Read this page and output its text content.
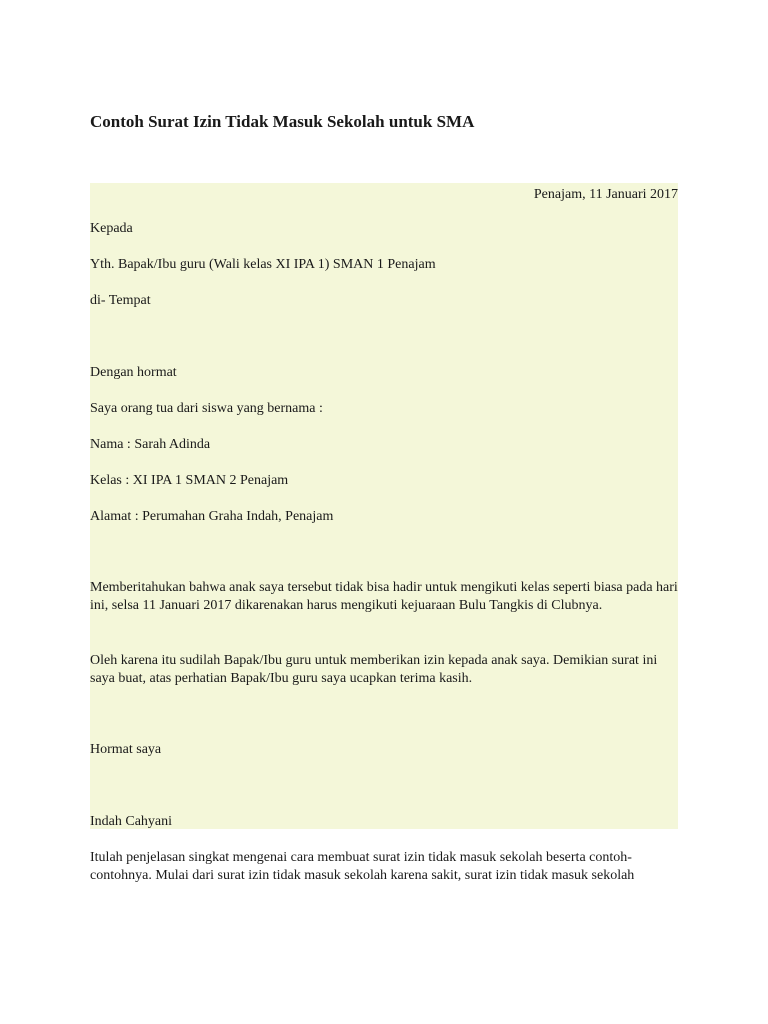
Contoh Surat Izin Tidak Masuk Sekolah untuk SMA
Penajam, 11 Januari 2017
Kepada
Yth. Bapak/Ibu guru (Wali kelas XI IPA 1) SMAN 1 Penajam
di- Tempat
Dengan hormat
Saya orang tua dari siswa yang bernama :
Nama : Sarah Adinda
Kelas : XI IPA 1 SMAN 2 Penajam
Alamat : Perumahan Graha Indah, Penajam

Memberitahukan bahwa anak saya tersebut tidak bisa hadir untuk mengikuti kelas seperti biasa pada hari ini, selsa 11 Januari 2017 dikarenakan harus mengikuti kejuaraan Bulu Tangkis di Clubnya.

Oleh karena itu sudilah Bapak/Ibu guru untuk memberikan izin kepada anak saya. Demikian surat ini saya buat, atas perhatian Bapak/Ibu guru saya ucapkan terima kasih.

Hormat saya
Indah Cahyani

Itulah penjelasan singkat mengenai cara membuat surat izin tidak masuk sekolah beserta contoh-contohnya. Mulai dari surat izin tidak masuk sekolah karena sakit, surat izin tidak masuk sekolah
